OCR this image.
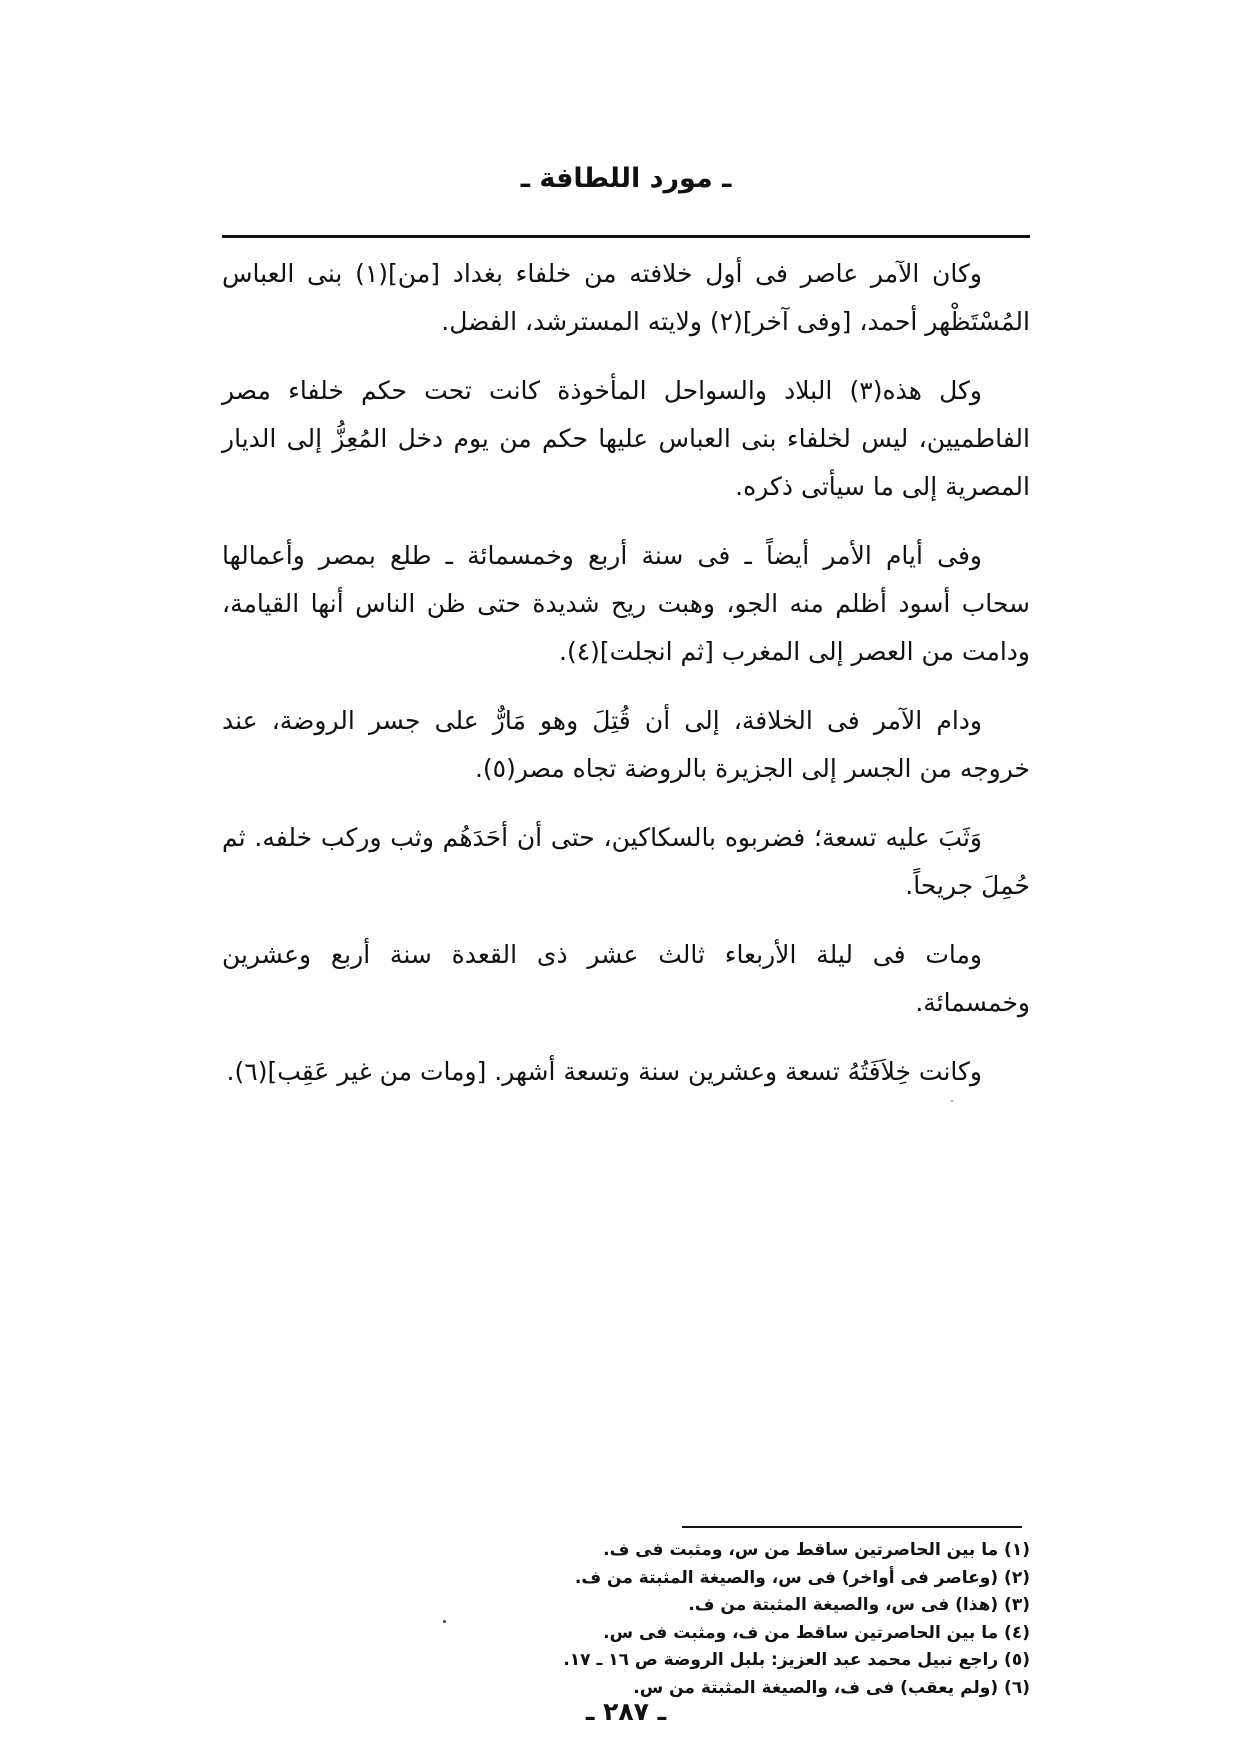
ـ مورد اللطافة ـ

وكان الآمر عاصر فى أول خلافته من خلفاء بغداد [من](١) بنى العباس المُسْتَظْهر أحمد، [وفى آخر](٢) ولايته المسترشد، الفضل.

وكل هذه(٣) البلاد والسواحل المأخوذة كانت تحت حكم خلفاء مصر الفاطميين، ليس لخلفاء بنى العباس عليها حكم من يوم دخل المُعِزُّ إلى الديار المصرية إلى ما سيأتى ذكره.

وفى أيام الأمر أيضاً ـ فى سنة أربع وخمسمائة ـ طلع بمصر وأعمالها سحاب أسود أظلم منه الجو، وهبت ريح شديدة حتى ظن الناس أنها القيامة، ودامت من العصر إلى المغرب [ثم انجلت](٤).

ودام الآمر فى الخلافة، إلى أن قُتِلَ وهو مَارٌّ على جسر الروضة، عند خروجه من الجسر إلى الجزيرة بالروضة تجاه مصر(٥).

وَثَبَ عليه تسعة؛ فضربوه بالسكاكين، حتى أن أحَدَهُم وثب وركب خلفه. ثم حُمِلَ جريحاً.

ومات فى ليلة الأربعاء ثالث عشر ذى القعدة سنة أربع وعشرين وخمسمائة.

وكانت خِلاَفَتُهُ تسعة وعشرين سنة وتسعة أشهر. [ومات من غير عَقِب](٦).

(١) ما بين الحاصرتين ساقط من س، ومثبت فى ف.

(٢) (وعاصر فى أواخر) فى س، والصيغة المثبتة من ف.

(٣) (هذا) فى س، والصيغة المثبتة من ف.

(٤) ما بين الحاصرتين ساقط من ف، ومثبت فى س.

(٥) راجع نبيل محمد عبد العزيز: بلبل الروضة ص ١٦ ـ ١٧.

(٦) (ولم يعقب) فى ف، والصيغة المثبتة من س.

ـ ٢٨٧ ـ
